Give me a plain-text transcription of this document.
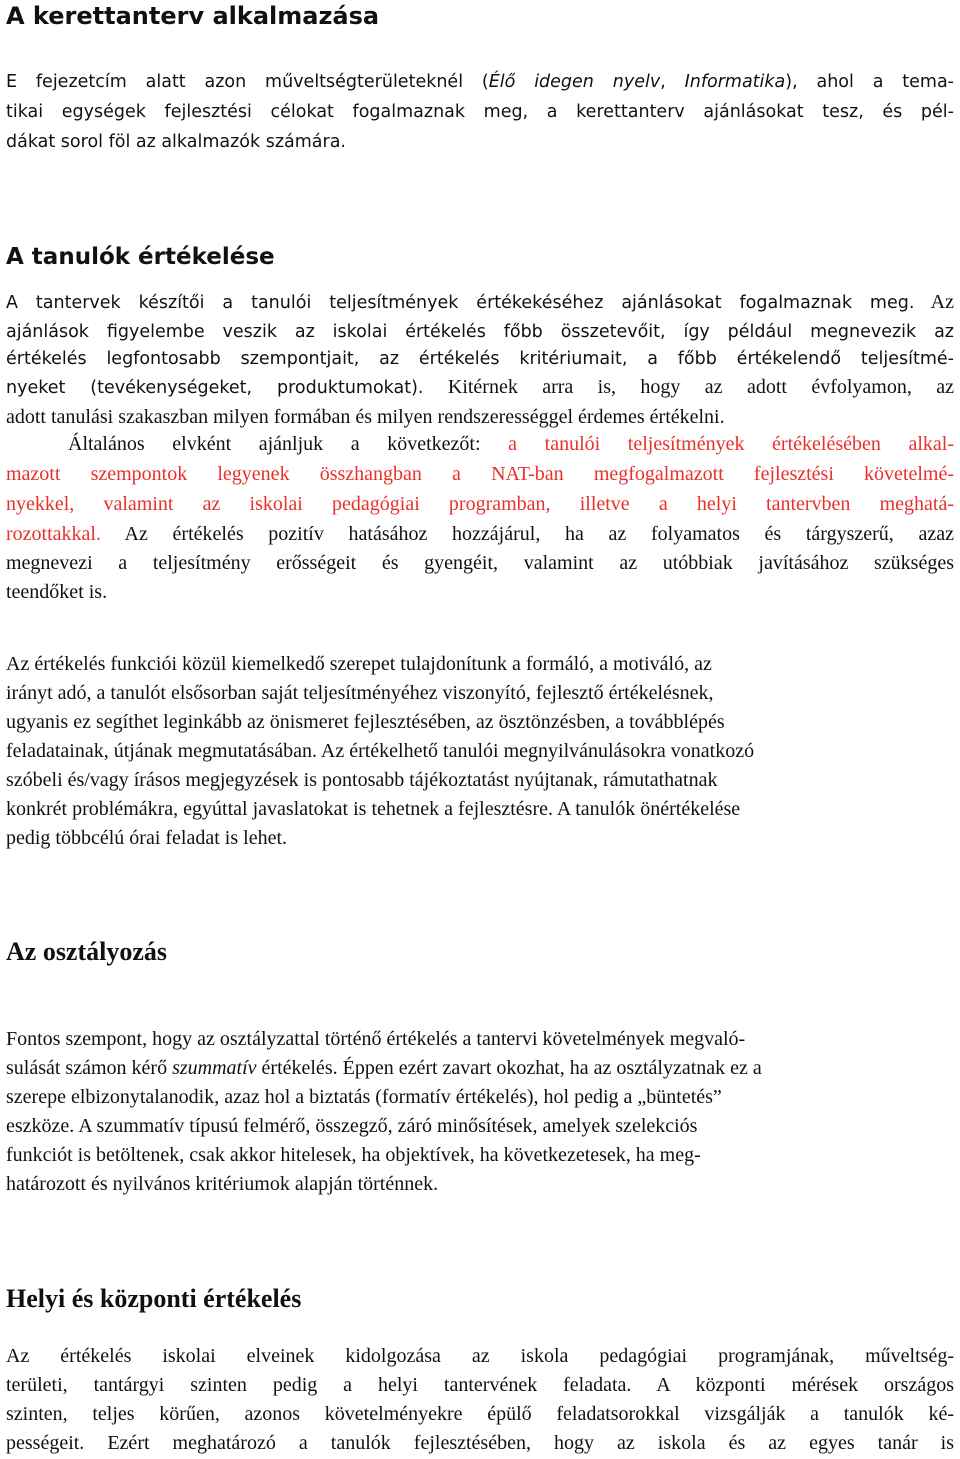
A kerettanterv alkalmazása
E fejezetcím alatt azon műveltségterületeknél (Élő idegen nyelv, Informatika), ahol a tema-
tikai egységek fejlesztési célokat fogalmaznak meg, a kerettanterv ajánlásokat tesz, és pél-
dákat sorol föl az alkalmazók számára.
A tanulók értékelése
A tantervek készítői a tanulói teljesítmények értékekéséhez ajánlásokat fogalmaznak meg. Az
ajánlások figyelembe veszik az iskolai értékelés főbb összetevőit, így például megnevezik az
értékelés legfontosabb szempontjait, az értékelés kritériumait, a főbb értékelendő teljesítmé-
nyeket (tevékenységeket, produktumokat). Kitérnek arra is, hogy az adott évfolyamon, az
adott tanulási szakaszban milyen formában és milyen rendszerességgel érdemes értékelni.
Általános elvként ajánljuk a következőt: a tanulói teljesítmények értékelésében alkal-
mazott szempontok legyenek összhangban a NAT-ban megfogalmazott fejlesztési követelmé-
nyekkel, valamint az iskolai pedagógiai programban, illetve a helyi tantervben meghatá-
rozottakkal. Az értékelés pozitív hatásához hozzájárul, ha az folyamatos és tárgyszerű, azaz
megnevezi a teljesítmény erősségeit és gyengéit, valamint az utóbbiak javításához szükséges
teendőket is.
Az értékelés funkciói közül kiemelkedő szerepet tulajdonítunk a formáló, a motiváló, az
irányt adó, a tanulót elsősorban saját teljesítményéhez viszonyító, fejlesztő értékelésnek,
ugyanis ez segíthet leginkább az önismeret fejlesztésében, az ösztönzésben, a továbblépés
feladatainak, útjának megmutatásában. Az értékelhető tanulói megnyilvánulásokra vonatkozó
szóbeli és/vagy írásos megjegyzések is pontosabb tájékoztatást nyújtanak, rámutathatnak
konkrét problémákra, egyúttal javaslatokat is tehetnek a fejlesztésre. A tanulók önértékelése
pedig többcélú órai feladat is lehet.
Az osztályozás
Fontos szempont, hogy az osztályzattal történő értékelés a tantervi követelmények megvaló-
sulását számon kérő szummatív értékelés. Éppen ezért zavart okozhat, ha az osztályzatnak ez a
szerepe elbizonytalanodik, azaz hol a biztatás (formatív értékelés), hol pedig a „büntetés”
eszköze. A szummatív típusú felmérő, összegző, záró minősítések, amelyek szelekciós
funkciót is betöltenek, csak akkor hitelesek, ha objektívek, ha következetesek, ha meg-
határozott és nyilvános kritériumok alapján történnek.
Helyi és központi értékelés
Az értékelés iskolai elveinek kidolgozása az iskola pedagógiai programjának, műveltség-
területi, tantárgyi szinten pedig a helyi tantervének feladata. A központi mérések országos
szinten, teljes körűen, azonos követelményekre épülő feladatsorokkal vizsgálják a tanulók ké-
pességeit. Ezért meghatározó a tanulók fejlesztésében, hogy az iskola és az egyes tanár is
